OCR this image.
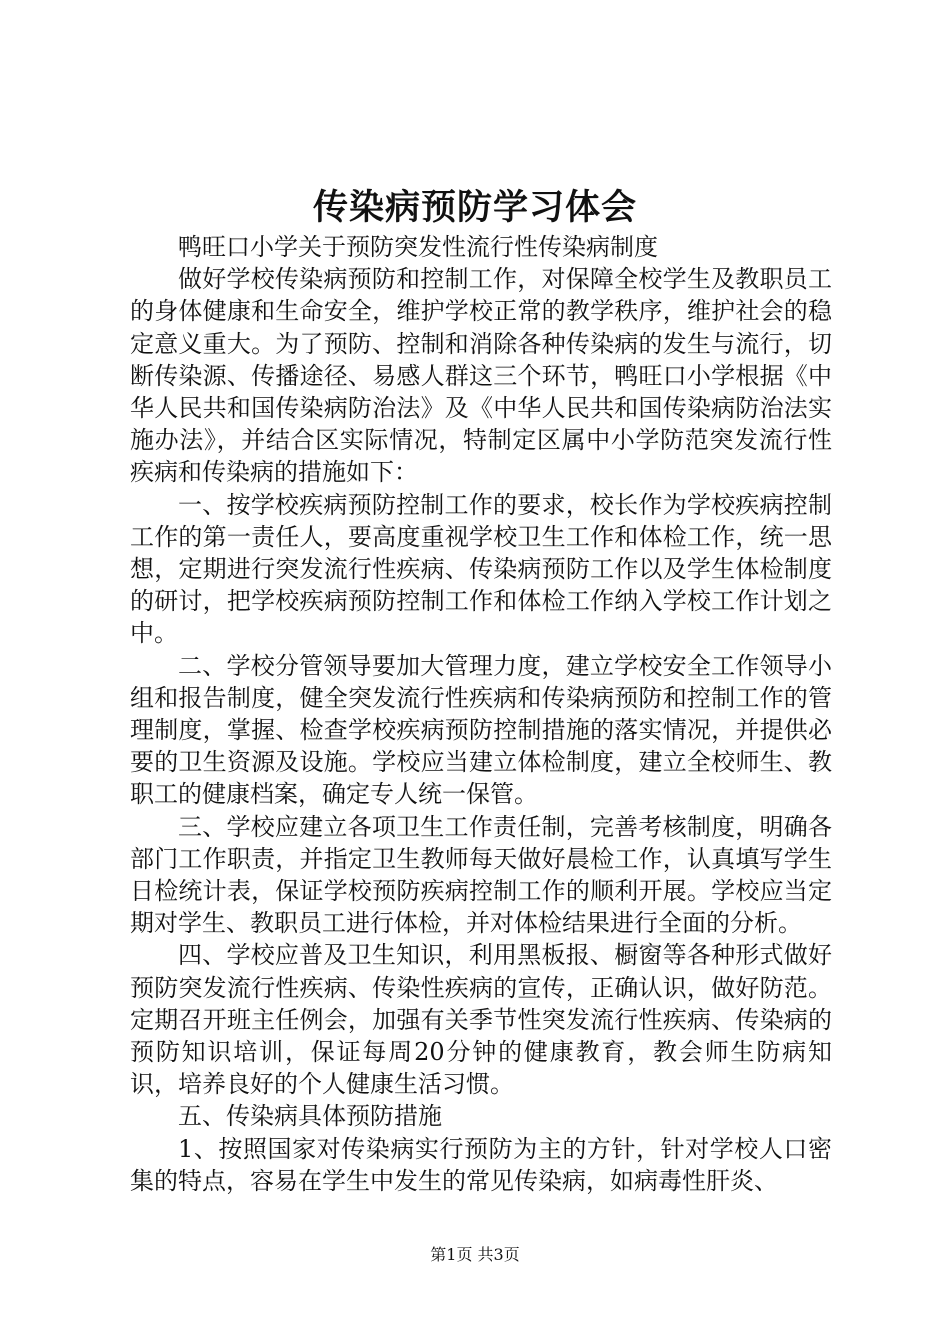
传染病预防学习体会

鸭旺口小学关于预防突发性流行性传染病制度

做好学校传染病预防和控制工作，对保障全校学生及教职员工的身体健康和生命安全，维护学校正常的教学秩序，维护社会的稳定意义重大。为了预防、控制和消除各种传染病的发生与流行，切断传染源、传播途径、易感人群这三个环节，鸭旺口小学根据《中华人民共和国传染病防治法》及《中华人民共和国传染病防治法实施办法》，并结合区实际情况，特制定区属中小学防范突发流行性疾病和传染病的措施如下：

一、按学校疾病预防控制工作的要求，校长作为学校疾病控制工作的第一责任人，要高度重视学校卫生工作和体检工作，统一思想，定期进行突发流行性疾病、传染病预防工作以及学生体检制度的研讨，把学校疾病预防控制工作和体检工作纳入学校工作计划之中。

二、学校分管领导要加大管理力度，建立学校安全工作领导小组和报告制度，健全突发流行性疾病和传染病预防和控制工作的管理制度，掌握、检查学校疾病预防控制措施的落实情况，并提供必要的卫生资源及设施。学校应当建立体检制度，建立全校师生、教职工的健康档案，确定专人统一保管。

三、学校应建立各项卫生工作责任制，完善考核制度，明确各部门工作职责，并指定卫生教师每天做好晨检工作，认真填写学生日检统计表，保证学校预防疾病控制工作的顺利开展。学校应当定期对学生、教职员工进行体检，并对体检结果进行全面的分析。

四、学校应普及卫生知识，利用黑板报、橱窗等各种形式做好预防突发流行性疾病、传染性疾病的宣传，正确认识，做好防范。定期召开班主任例会，加强有关季节性突发流行性疾病、传染病的预防知识培训，保证每周20分钟的健康教育，教会师生防病知识，培养良好的个人健康生活习惯。

五、传染病具体预防措施

1、按照国家对传染病实行预防为主的方针，针对学校人口密集的特点，容易在学生中发生的常见传染病，如病毒性肝炎、

第1页 共3页
